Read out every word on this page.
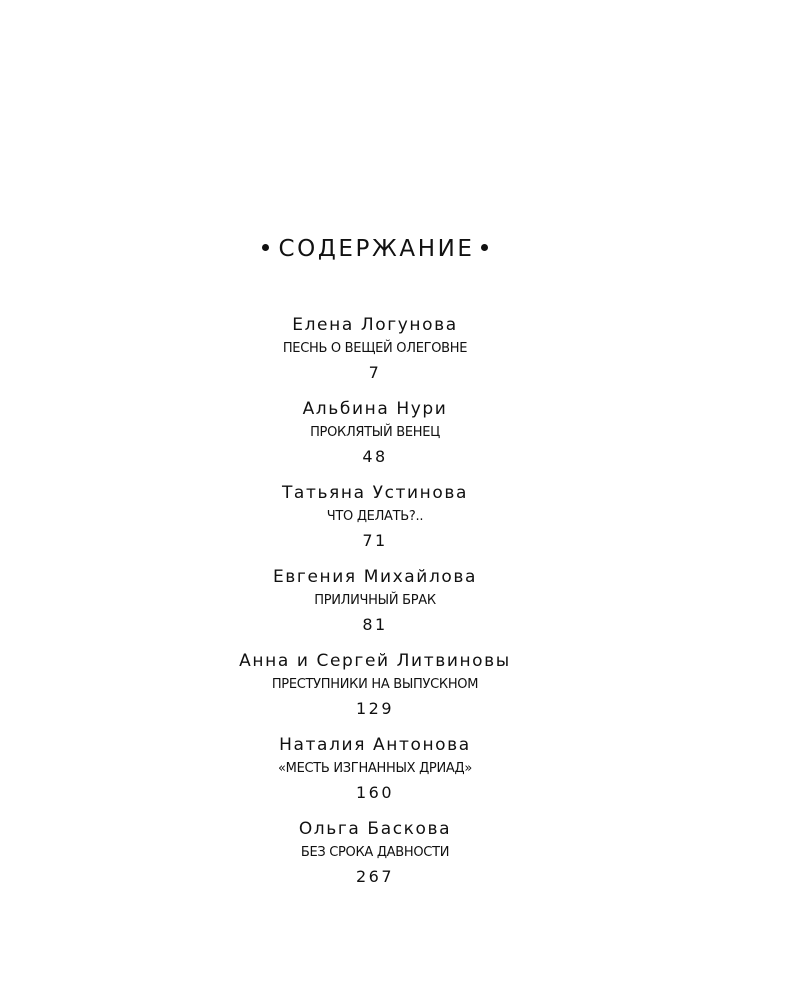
СОДЕРЖАНИЕ
Елена Логунова
ПЕСНЬ О ВЕЩЕЙ ОЛЕГОВНЕ
7
Альбина Нури
ПРОКЛЯТЫЙ ВЕНЕЦ
48
Татьяна Устинова
ЧТО ДЕЛАТЬ?..
71
Евгения Михайлова
ПРИЛИЧНЫЙ БРАК
81
Анна и Сергей Литвиновы
ПРЕСТУПНИКИ НА ВЫПУСКНОМ
129
Наталия Антонова
«МЕСТЬ ИЗГНАННЫХ ДРИАД»
160
Ольга Баскова
БЕЗ СРОКА ДАВНОСТИ
267
